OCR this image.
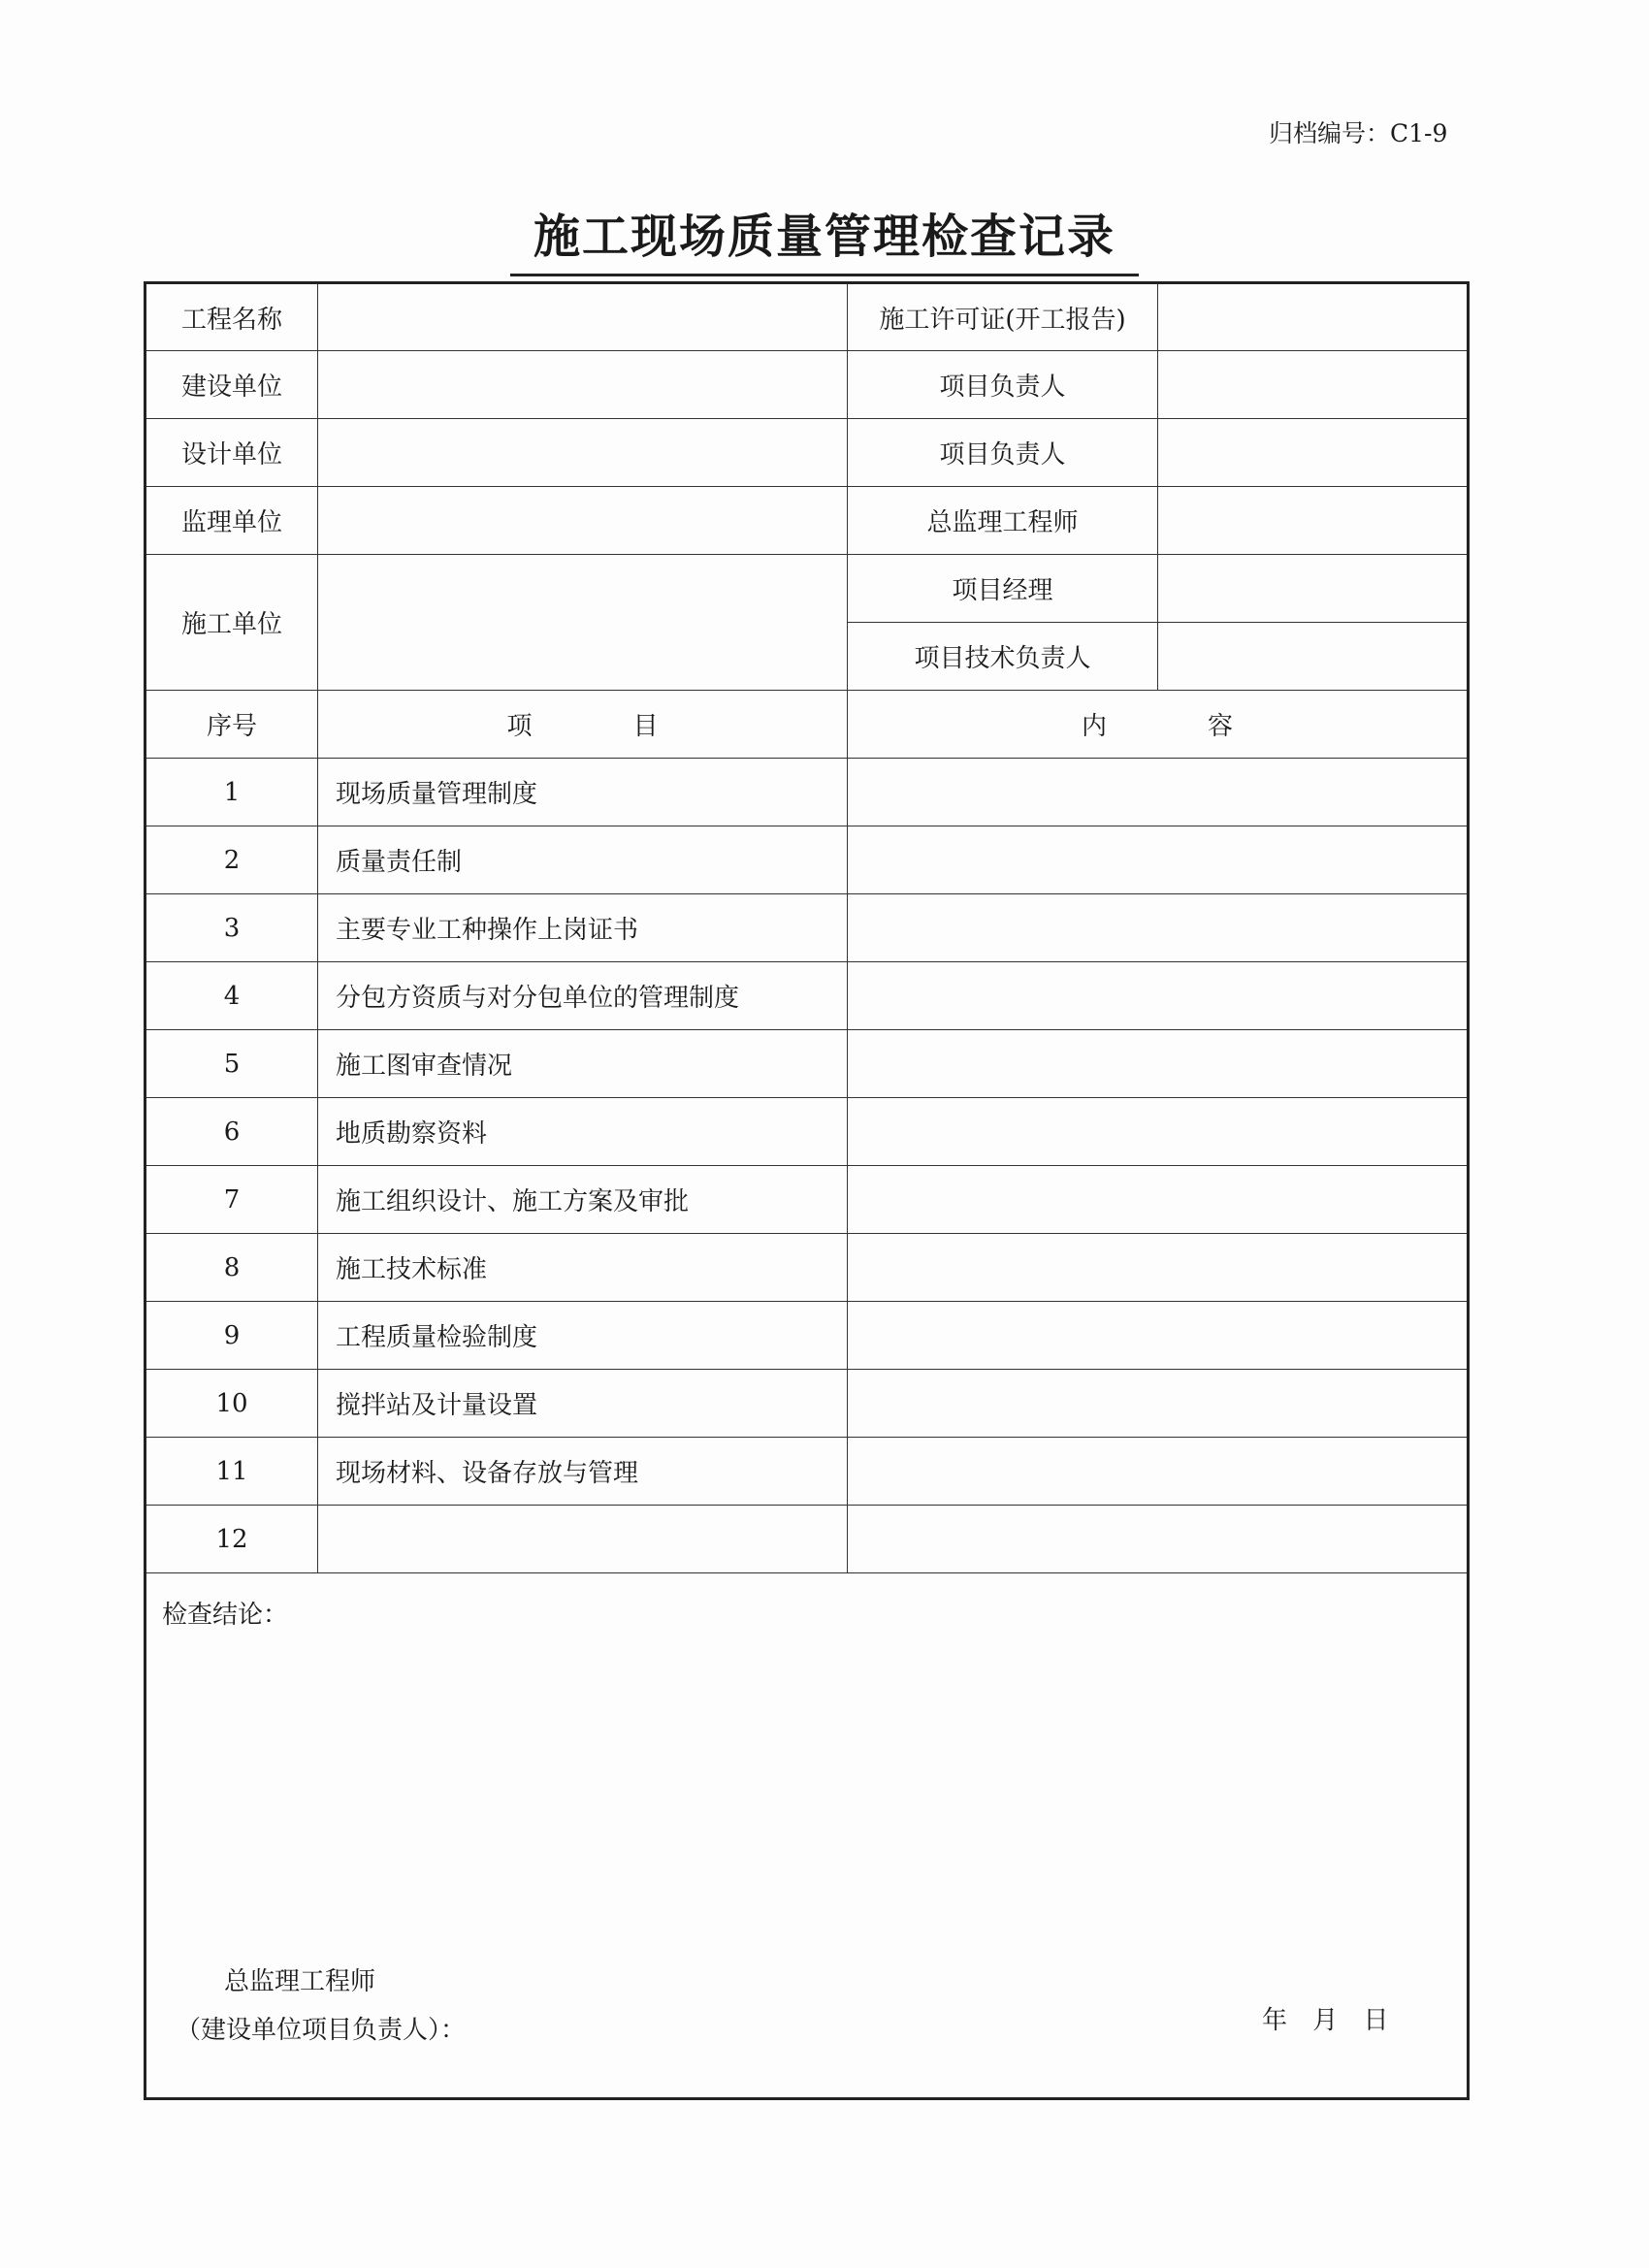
归档编号：C1-9
施工现场质量管理检查记录
工程名称		施工许可证(开工报告)	
建设单位		项目负责人	
设计单位		项目负责人	
监理单位		总监理工程师	
施工单位		项目经理	
		项目技术负责人	
序号	项　　　　目	内　　　　容	
1	现场质量管理制度		
2	质量责任制		
3	主要专业工种操作上岗证书		
4	分包方资质与对分包单位的管理制度		
5	施工图审查情况		
6	地质勘察资料		
7	施工组织设计、施工方案及审批		
8	施工技术标准		
9	工程质量检验制度		
10	搅拌站及计量设置		
11	现场材料、设备存放与管理		
12			

检查结论：
总监理工程师
（建设单位项目负责人）： 年 月 日			
